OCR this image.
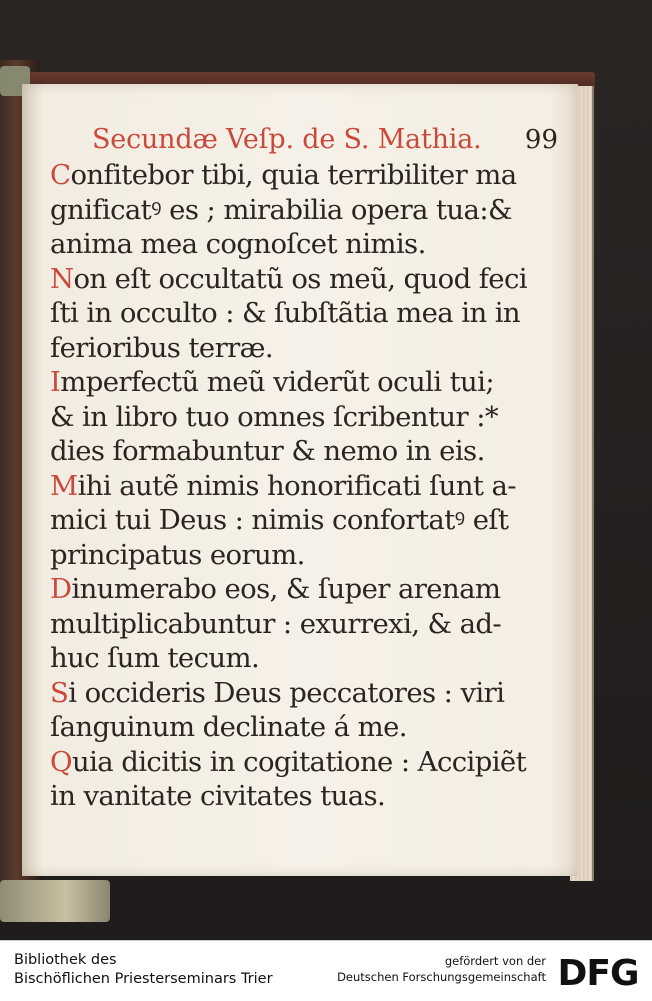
Secundæ Veſp. de S. Mathia. 99

Confitebor tibi, quia terribiliter ma
gnificatꝰ es ; mirabilia opera tua:&
anima mea cognoſcet nimis.

Non eſt occultatũ os meũ, quod feci
ſti in occulto : & ſubſtãtia mea in in
ferioribus terræ.

Imperfectũ meũ viderũt oculi tui;
& in libro tuo omnes ſcribentur :*
dies formabuntur & nemo in eis.

Mihi autẽ nimis honorificati ſunt a-
mici tui Deus : nimis confortatꝰ eſt
principatus eorum.

Dinumerabo eos, & ſuper arenam
multiplicabuntur : exurrexi, & ad-
huc ſum tecum.

Si occideris Deus peccatores : viri
ſanguinum declinate á me.

Quia dicitis in cogitatione : Accipiẽt
in vanitate civitates tuas.

Bibliothek des
Bischöflichen Priesterseminars Trier
gefördert von der
Deutschen Forschungsgemeinschaft DFG
